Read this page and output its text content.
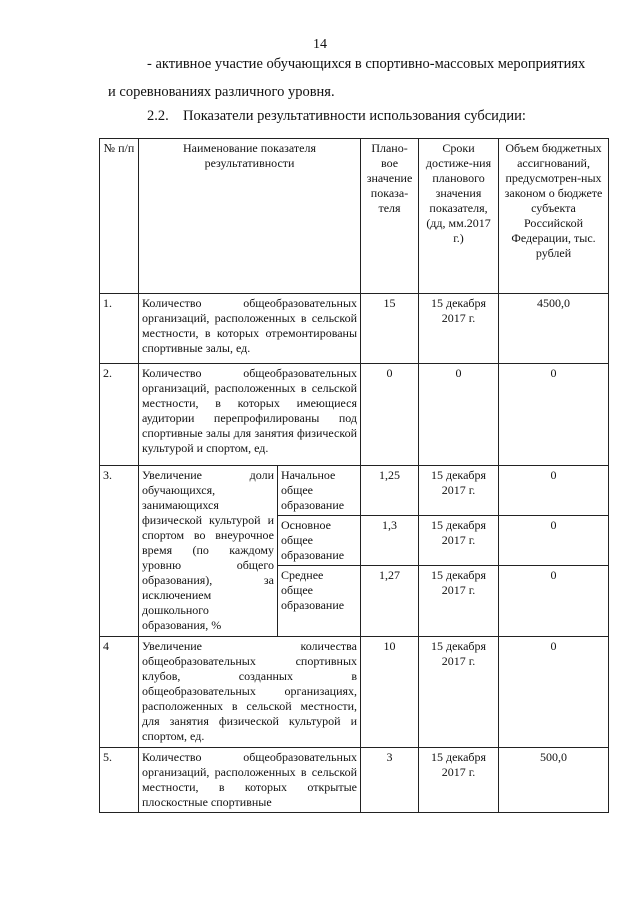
14
- активное участие обучающихся в спортивно-массовых мероприятиях
и соревнованиях различного уровня.
2.2. Показатели результативности использования субсидии:
№ п/п	Наименование показателя результативности		Плано-вое значение показа-теля	Сроки достиже-ния планового значения показателя, (дд, мм.2017 г.)	Объем бюджетных ассигнований, предусмотрен-ных законом о бюджете субъекта Российской Федерации, тыс. рублей
1.	Количество общеобразовательных организаций, расположенных в сельской местности, в которых отремонтированы спортивные залы, ед.		15	15 декабря 2017 г.	4500,0
2.	Количество общеобразовательных организаций, расположенных в сельской местности, в которых имеющиеся аудитории перепрофилированы под спортивные залы для занятия физической культурой и спортом, ед.		0	0	0
3.	Увеличение доли обучающихся, занимающихся физической культурой и спортом во внеурочное время (по каждому уровню общего образования), за исключением дошкольного образования, %	Начальное общее образование	1,25	15 декабря 2017 г.	0
		Основное общее образование	1,3	15 декабря 2017 г.	0
		Среднее общее образование	1,27	15 декабря 2017 г.	0
4	Увеличение количества общеобразовательных спортивных клубов, созданных в общеобразовательных организациях, расположенных в сельской местности, для занятия физической культурой и спортом, ед.		10	15 декабря 2017 г.	0
5.	Количество общеобразовательных организаций, расположенных в сельской местности, в которых открытые плоскостные спортивные		3	15 декабря 2017 г.	500,0
